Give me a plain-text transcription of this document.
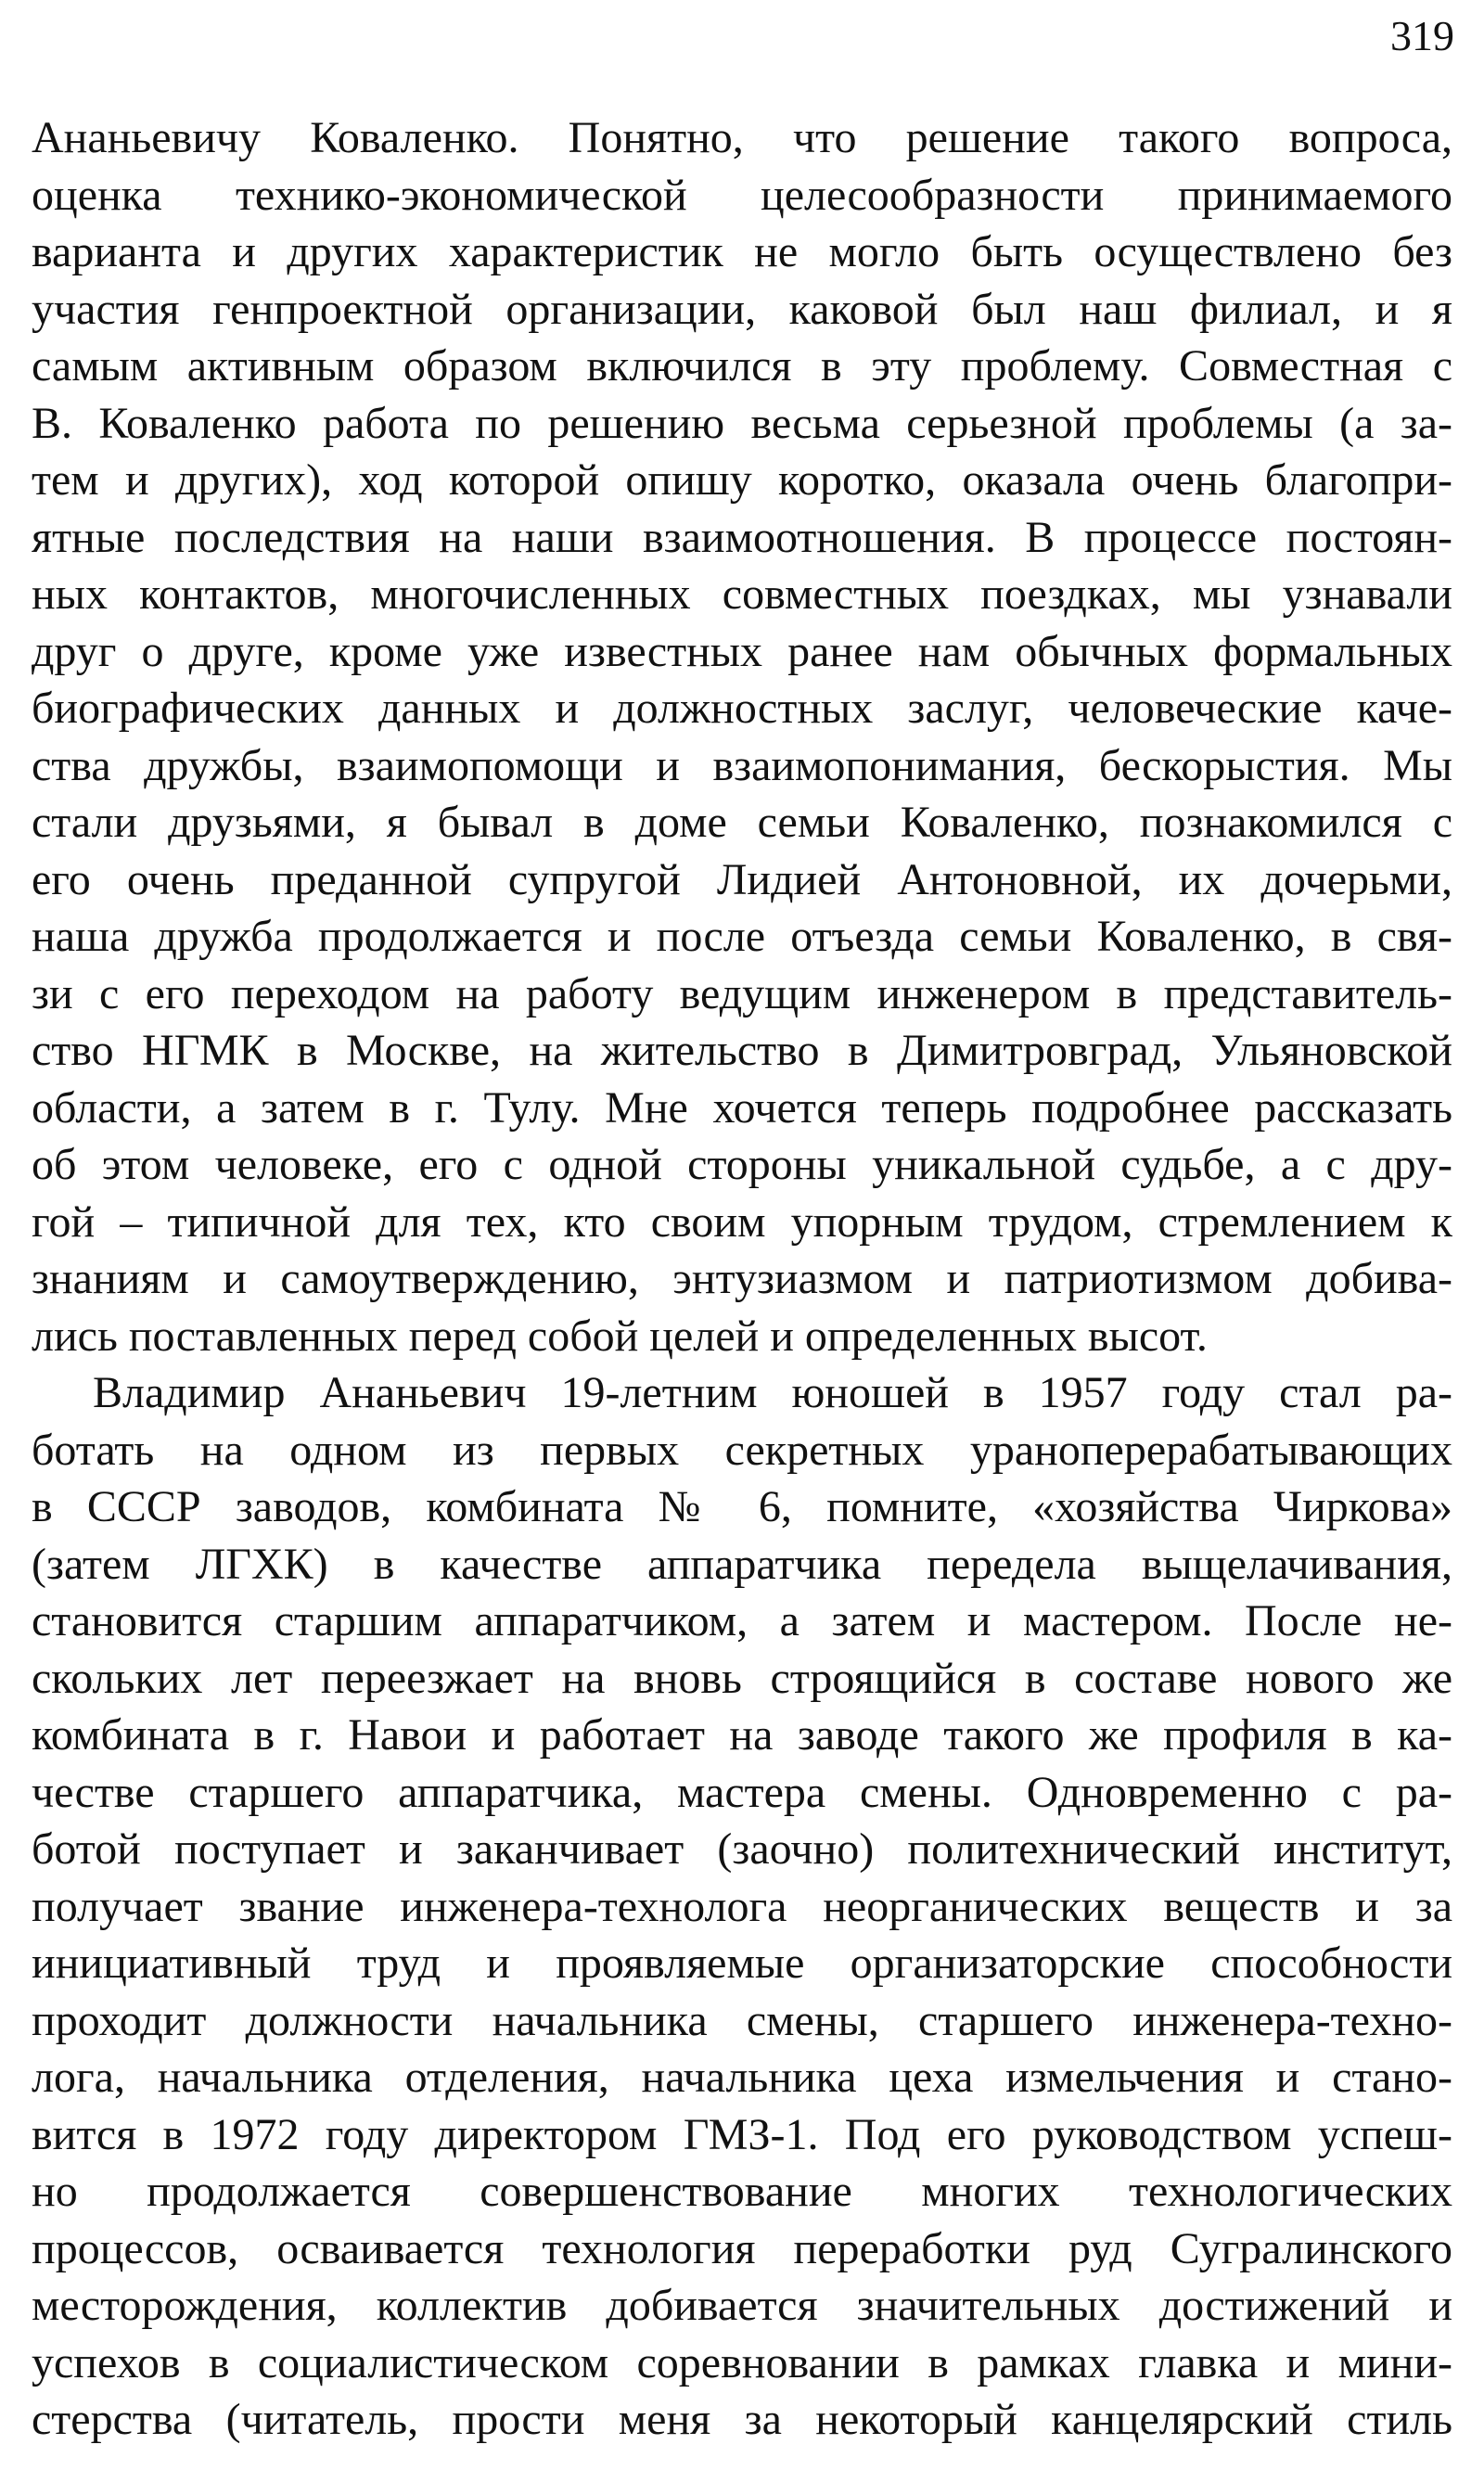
319
Ананьевичу Коваленко. Понятно, что решение такого вопроса,
оценка технико-экономической целесообразности принимаемого
варианта и других характеристик не могло быть осуществлено без
участия генпроектной организации, каковой был наш филиал, и я
самым активным образом включился в эту проблему. Совместная с
В. Коваленко работа по решению весьма серьезной проблемы (а за-
тем и других), ход которой опишу коротко, оказала очень благопри-
ятные последствия на наши взаимоотношения. В процессе постоян-
ных контактов, многочисленных совместных поездках, мы узнавали
друг о друге, кроме уже известных ранее нам обычных формальных
биографических данных и должностных заслуг, человеческие каче-
ства дружбы, взаимопомощи и взаимопонимания, бескорыстия. Мы
стали друзьями, я бывал в доме семьи Коваленко, познакомился с
его очень преданной супругой Лидией Антоновной, их дочерьми,
наша дружба продолжается и после отъезда семьи Коваленко, в свя-
зи с его переходом на работу ведущим инженером в представитель-
ство НГМК в Москве, на жительство в Димитровград, Ульяновской
области, а затем в г. Тулу. Мне хочется теперь подробнее рассказать
об этом человеке, его с одной стороны уникальной судьбе, а с дру-
гой – типичной для тех, кто своим упорным трудом, стремлением к
знаниям и самоутверждению, энтузиазмом и патриотизмом добива-
лись поставленных перед собой целей и определенных высот.
Владимир Ананьевич 19-летним юношей в 1957 году стал ра-
ботать на одном из первых секретных ураноперерабатывающих
в СССР заводов, комбината № 6, помните, «хозяйства Чиркова»
(затем ЛГХК) в качестве аппаратчика передела выщелачивания,
становится старшим аппаратчиком, а затем и мастером. После не-
скольких лет переезжает на вновь строящийся в составе нового же
комбината в г. Навои и работает на заводе такого же профиля в ка-
честве старшего аппаратчика, мастера смены. Одновременно с ра-
ботой поступает и заканчивает (заочно) политехнический институт,
получает звание инженера-технолога неорганических веществ и за
инициативный труд и проявляемые организаторские способности
проходит должности начальника смены, старшего инженера-техно-
лога, начальника отделения, начальника цеха измельчения и стано-
вится в 1972 году директором ГМЗ-1. Под его руководством успеш-
но продолжается совершенствование многих технологических
процессов, осваивается технология переработки руд Сугралинского
месторождения, коллектив добивается значительных достижений и
успехов в социалистическом соревновании в рамках главка и мини-
стерства (читатель, прости меня за некоторый канцелярский стиль
